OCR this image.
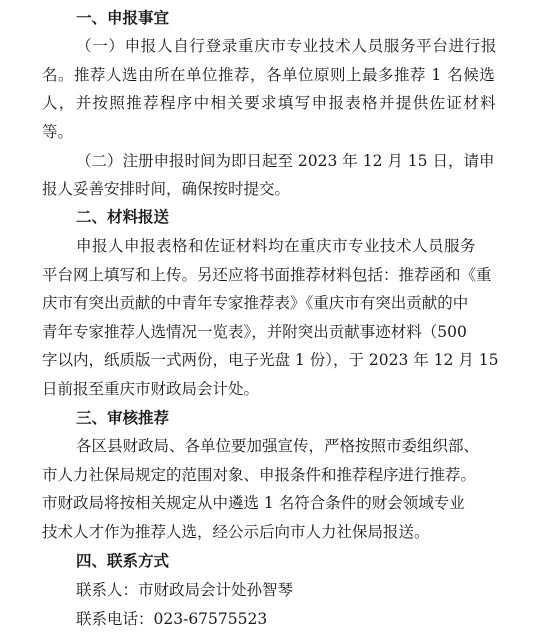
一、申报事宜
（一）申报人自行登录重庆市专业技术人员服务平台进行报
名。推荐人选由所在单位推荐，各单位原则上最多推荐 1 名候选
人，并按照推荐程序中相关要求填写申报表格并提供佐证材料
等。
（二）注册申报时间为即日起至 2023 年 12 月 15 日，请申
报人妥善安排时间，确保按时提交。
二、材料报送
申报人申报表格和佐证材料均在重庆市专业技术人员服务
平台网上填写和上传。另还应将书面推荐材料包括：推荐函和《重
庆市有突出贡献的中青年专家推荐表》《重庆市有突出贡献的中
青年专家推荐人选情况一览表》，并附突出贡献事迹材料（500
字以内，纸质版一式两份，电子光盘 1 份），于 2023 年 12 月 15
日前报至重庆市财政局会计处。
三、审核推荐
各区县财政局、各单位要加强宣传，严格按照市委组织部、
市人力社保局规定的范围对象、申报条件和推荐程序进行推荐。
市财政局将按相关规定从中遴选 1 名符合条件的财会领域专业
技术人才作为推荐人选，经公示后向市人力社保局报送。
四、联系方式
联系人：市财政局会计处孙智琴
联系电话：023-67575523
